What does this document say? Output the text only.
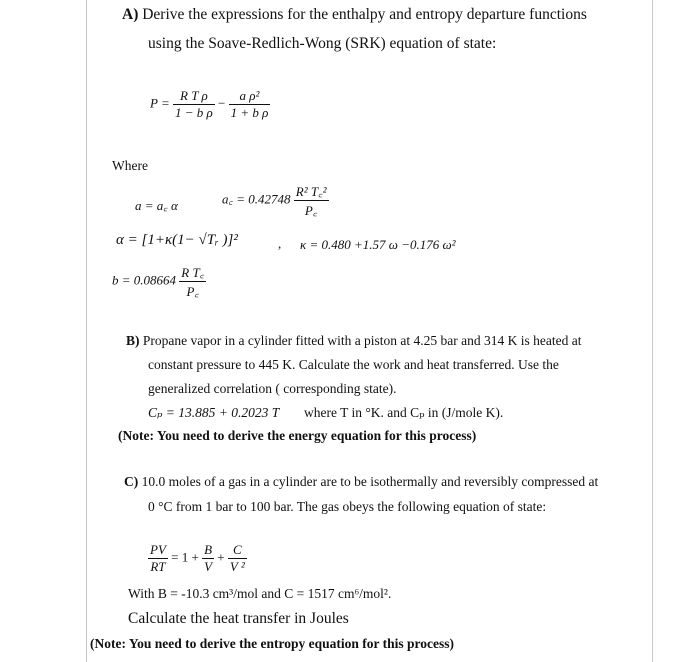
A) Derive the expressions for the enthalpy and entropy departure functions
using the Soave-Redlich-Wong (SRK) equation of state:
$P = \frac{\text{R T ρ}}{\text{1 − b ρ}} - \frac{\text{a ρ²}}{\text{1 + b ρ}}$
Where
a = a꜀ α	a꜀ = $0.42748 \frac{\text{R² T꜀²}}{P꜀}$
α = [1+κ(1− √Tᵣ )]²	, κ = 0.480 +1.57 ω −0.176 ω²
$b = 0.08664 \frac{\text{R T꜀}}{P꜀}$
B) Propane vapor in a cylinder fitted with a piston at 4.25 bar and 314 K is heated at
constant pressure to 445 K. Calculate the work and heat transferred. Use the
generalized correlation ( corresponding state).
Cₚ = 13.885 + 0.2023 T where T in °K. and Cₚ in (J/mole K).
(Note: You need to derive the energy equation for this process)
C) 10.0 moles of a gas in a cylinder are to be isothermally and reversibly compressed at
0 °C from 1 bar to 100 bar. The gas obeys the following equation of state:
$\frac{PV}{RT} = 1 + \frac{B}{V} + \frac{C}{\text{V ²}}$
With B = -10.3 cm³/mol and C = 1517 cm⁶/mol².
Calculate the heat transfer in Joules
(Note: You need to derive the entropy equation for this process)
